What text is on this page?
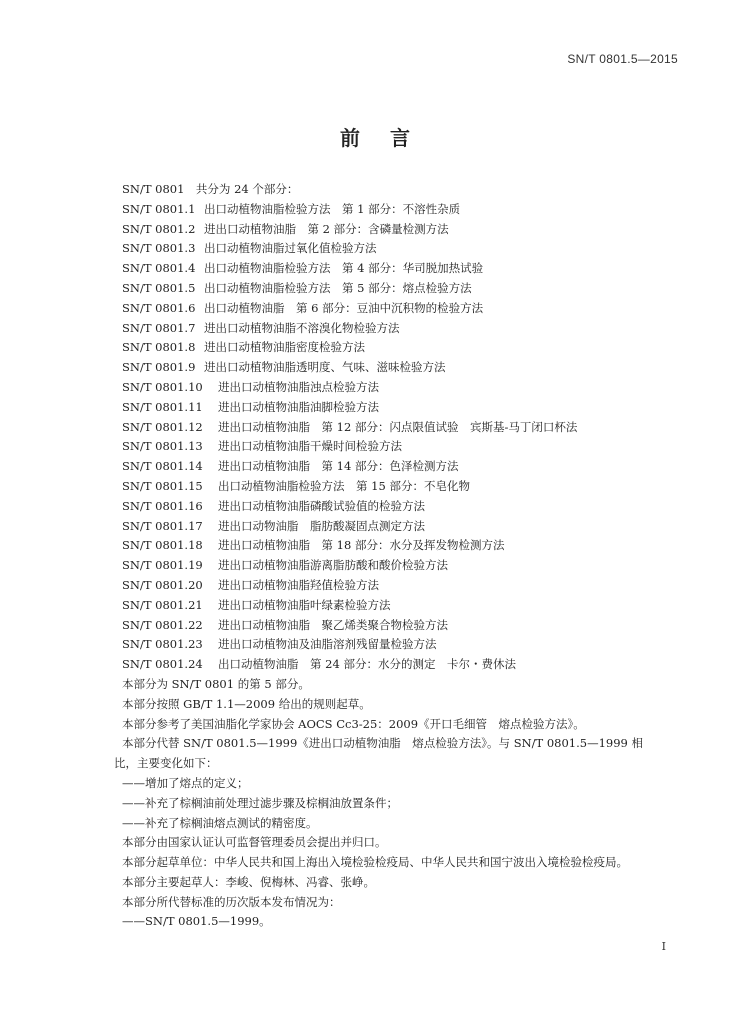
SN/T 0801.5—2015
前言
SN/T 0801　共分为 24 个部分：
SN/T 0801.1 出口动植物油脂检验方法　第 1 部分：不溶性杂质
SN/T 0801.2 进出口动植物油脂　第 2 部分：含磷量检测方法
SN/T 0801.3 出口动植物油脂过氧化值检验方法
SN/T 0801.4 出口动植物油脂检验方法　第 4 部分：华司脱加热试验
SN/T 0801.5 出口动植物油脂检验方法　第 5 部分：熔点检验方法
SN/T 0801.6 出口动植物油脂　第 6 部分：豆油中沉积物的检验方法
SN/T 0801.7 进出口动植物油脂不溶溴化物检验方法
SN/T 0801.8 进出口动植物油脂密度检验方法
SN/T 0801.9 进出口动植物油脂透明度、气味、滋味检验方法
SN/T 0801.10 进出口动植物油脂浊点检验方法
SN/T 0801.11 进出口动植物油脂油脚检验方法
SN/T 0801.12 进出口动植物油脂　第 12 部分：闪点限值试验　宾斯基-马丁闭口杯法
SN/T 0801.13 进出口动植物油脂干燥时间检验方法
SN/T 0801.14 进出口动植物油脂　第 14 部分：色泽检测方法
SN/T 0801.15 出口动植物油脂检验方法　第 15 部分：不皂化物
SN/T 0801.16 进出口动植物油脂磷酸试验值的检验方法
SN/T 0801.17 进出口动物油脂　脂肪酸凝固点测定方法
SN/T 0801.18 进出口动植物油脂　第 18 部分：水分及挥发物检测方法
SN/T 0801.19 进出口动植物油脂游离脂肪酸和酸价检验方法
SN/T 0801.20 进出口动植物油脂羟值检验方法
SN/T 0801.21 进出口动植物油脂叶绿素检验方法
SN/T 0801.22 进出口动植物油脂　聚乙烯类聚合物检验方法
SN/T 0801.23 进出口动植物油及油脂溶剂残留量检验方法
SN/T 0801.24 出口动植物油脂　第 24 部分：水分的测定　卡尔・费休法
本部分为 SN/T 0801 的第 5 部分。
本部分按照 GB/T 1.1—2009 给出的规则起草。
本部分参考了美国油脂化学家协会 AOCS Cc3-25：2009《开口毛细管　熔点检验方法》。
本部分代替 SN/T 0801.5—1999《进出口动植物油脂　熔点检验方法》。与 SN/T 0801.5—1999 相
比，主要变化如下：
——增加了熔点的定义；
——补充了棕榈油前处理过滤步骤及棕榈油放置条件；
——补充了棕榈油熔点测试的精密度。
本部分由国家认证认可监督管理委员会提出并归口。
本部分起草单位：中华人民共和国上海出入境检验检疫局、中华人民共和国宁波出入境检验检疫局。
本部分主要起草人：李峻、倪梅林、冯睿、张峥。
本部分所代替标准的历次版本发布情况为：
——SN/T 0801.5—1999。
I
